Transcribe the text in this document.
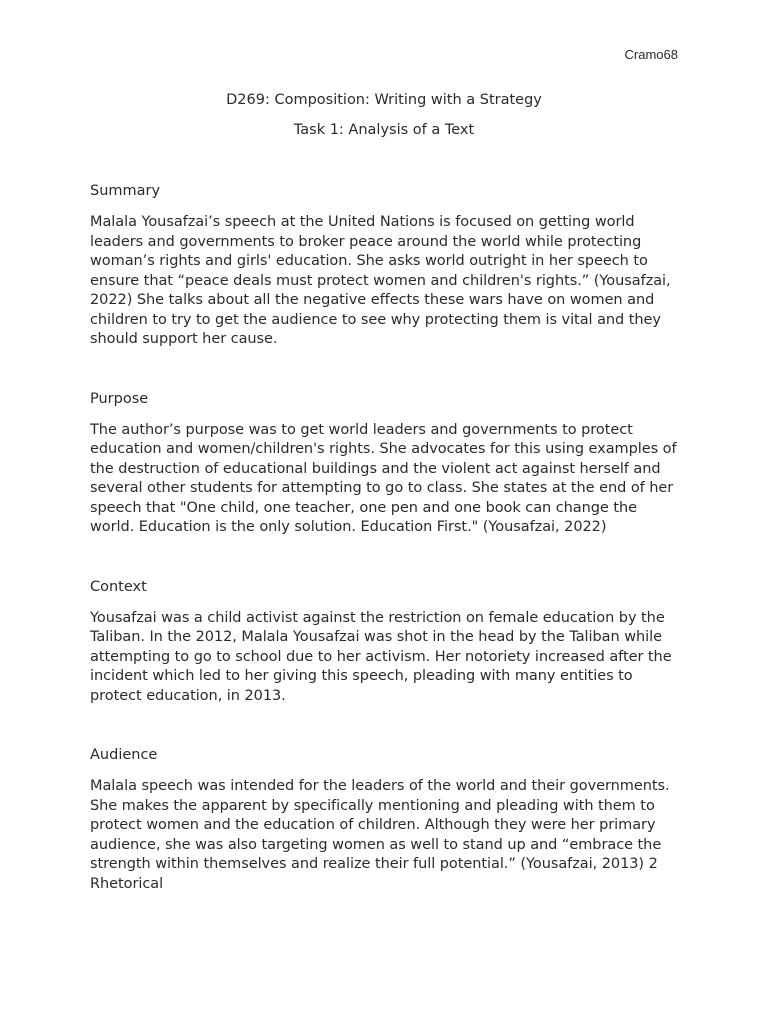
Cramo68
D269: Composition: Writing with a Strategy
Task 1: Analysis of a Text

Summary

Malala Yousafzai’s speech at the United Nations is focused on getting world leaders and governments to broker peace around the world while protecting woman’s rights and girls' education. She asks world outright in her speech to ensure that “peace deals must protect women and children's rights.” (Yousafzai, 2022) She talks about all the negative effects these wars have on women and children to try to get the audience to see why protecting them is vital and they should support her cause.

Purpose

The author’s purpose was to get world leaders and governments to protect education and women/children's rights. She advocates for this using examples of the destruction of educational buildings and the violent act against herself and several other students for attempting to go to class. She states at the end of her speech that "One child, one teacher, one pen and one book can change the world. Education is the only solution. Education First." (Yousafzai, 2022)

Context

Yousafzai was a child activist against the restriction on female education by the Taliban. In the 2012, Malala Yousafzai was shot in the head by the Taliban while attempting to go to school due to her activism. Her notoriety increased after the incident which led to her giving this speech, pleading with many entities to protect education, in 2013.

Audience

Malala speech was intended for the leaders of the world and their governments. She makes the apparent by specifically mentioning and pleading with them to protect women and the education of children. Although they were her primary audience, she was also targeting women as well to stand up and “embrace the strength within themselves and realize their full potential.” (Yousafzai, 2013) 2 Rhetorical
